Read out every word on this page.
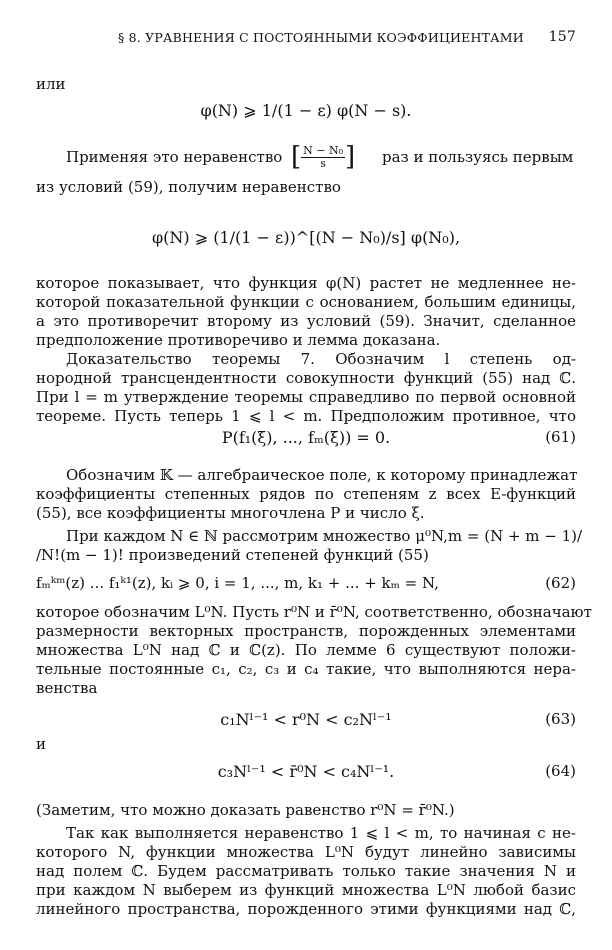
§ 8. УРАВНЕНИЯ С ПОСТОЯННЫМИ КОЭФФИЦИЕНТАМИ 157
или
φ(N) ⩾ 1/(1 − ε) φ(N − s).
Применяя это неравенство	раз и пользуясь первым
из условий (59), получим неравенство
φ(N) ⩾ (1/(1 − ε))^[(N − N₀)/s] φ(N₀),
которое показывает, что функция φ(N) растет не медленнее не-
которой показательной функции с основанием, большим единицы,
а это противоречит второму из условий (59). Значит, сделанное
предположение противоречиво и лемма доказана.
Доказательство теоремы 7. Обозначим l степень од-
нородной трансцендентности совокупности функций (55) над ℂ.
При l = m утверждение теоремы справедливо по первой основной
теореме. Пусть теперь 1 ⩽ l < m. Предположим противное, что
P(f₁(ξ), ..., fₘ(ξ)) = 0.	(61)
Обозначим 𝕂 — алгебраическое поле, к которому принадлежат
коэффициенты степенных рядов по степеням z всех E-функций
(55), все коэффициенты многочлена P и число ξ.
При каждом N ∈ ℕ рассмотрим множество μ⁰N,m = (N + m − 1)/
/N!(m − 1)! произведений степеней функций (55)
fₘᵏᵐ(z) ... f₁ᵏ¹(z), kᵢ ⩾ 0, i = 1, ..., m, k₁ + ... + kₘ = N,	(62)
которое обозначим L⁰N. Пусть r⁰N и r̄⁰N, соответственно, обозначают
размерности векторных пространств, порожденных элементами
множества L⁰N над ℂ и ℂ(z). По лемме 6 существуют положи-
тельные постоянные c₁, c₂, c₃ и c₄ такие, что выполняются нера-
венства
c₁Nˡ⁻¹ < r⁰N < c₂Nˡ⁻¹	(63)
и
c₃Nˡ⁻¹ < r̄⁰N < c₄Nˡ⁻¹.	(64)
(Заметим, что можно доказать равенство r⁰N = r̄⁰N.)
Так как выполняется неравенство 1 ⩽ l < m, то начиная с не-
которого N, функции множества L⁰N будут линейно зависимы
над полем ℂ. Будем рассматривать только такие значения N и
при каждом N выберем из функций множества L⁰N любой базис
линейного пространства, порожденного этими функциями над ℂ,
[ $\frac{\text{N − N₀}}{s}$ ]
